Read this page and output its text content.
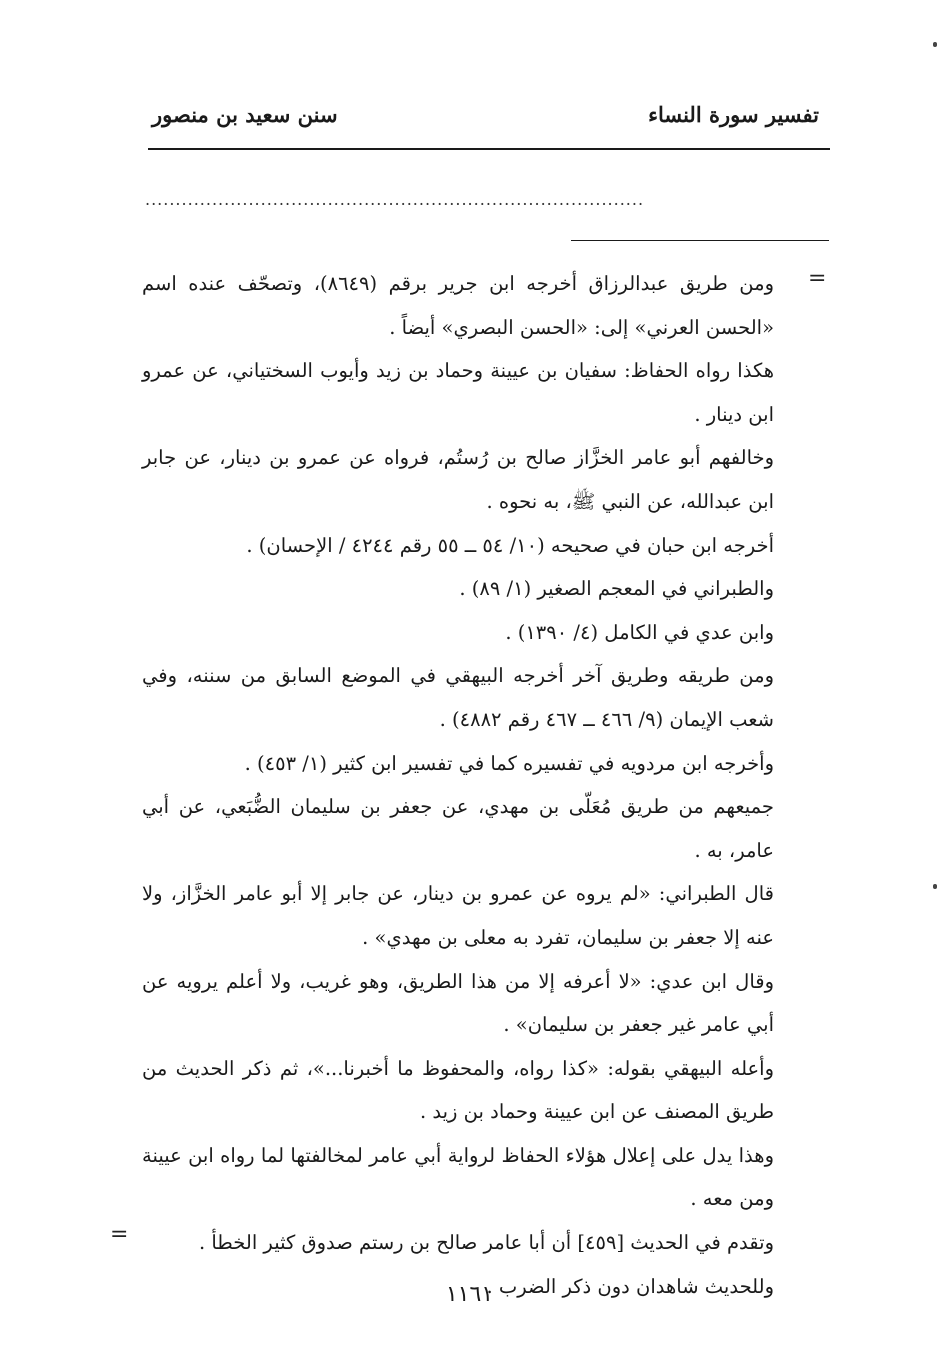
تفسير سورة النساء
سنن سعيد بن منصور
..................................................................................
=

ومن طريق عبدالرزاق أخرجه ابن جرير برقم (٨٦٤٩)، وتصحّف عنده اسم «الحسن العرني» إلى: «الحسن البصري» أيضاً .

هكذا رواه الحفاظ: سفيان بن عيينة وحماد بن زيد وأيوب السختياني، عن عمرو ابن دينار .

وخالفهم أبو عامر الخزَّاز صالح بن رُستُم، فرواه عن عمرو بن دينار، عن جابر ابن عبدالله، عن النبي ﷺ، به نحوه .

أخرجه ابن حبان في صحيحه (١٠/ ٥٤ ــ ٥٥ رقم ٤٢٤٤ / الإحسان) .

والطبراني في المعجم الصغير (١/ ٨٩) .

وابن عدي في الكامل (٤/ ١٣٩٠) .

ومن طريقه وطريق آخر أخرجه البيهقي في الموضع السابق من سننه، وفي شعب الإيمان (٩/ ٤٦٦ ــ ٤٦٧ رقم ٤٨٨٢) .

وأخرجه ابن مردويه في تفسيره كما في تفسير ابن كثير (١/ ٤٥٣) .

جميعهم من طريق مُعَلّى بن مهدي، عن جعفر بن سليمان الضُّبَعي، عن أبي عامر، به .

قال الطبراني: «لم يروه عن عمرو بن دينار، عن جابر إلا أبو عامر الخزَّاز، ولا عنه إلا جعفر بن سليمان، تفرد به معلى بن مهدي» .

وقال ابن عدي: «لا أعرفه إلا من هذا الطريق، وهو غريب، ولا أعلم يرويه عن أبي عامر غير جعفر بن سليمان» .

وأعله البيهقي بقوله: «كذا رواه، والمحفوظ ما أخبرنا...»، ثم ذكر الحديث من طريق المصنف عن ابن عيينة وحماد بن زيد .

وهذا يدل على إعلال هؤلاء الحفاظ لرواية أبي عامر لمخالفتها لما رواه ابن عيينة ومن معه .

وتقدم في الحديث [٤٥٩] أن أبا عامر صالح بن رستم صدوق كثير الخطأ .

وللحديث شاهدان دون ذكر الضرب .

=
١١٦١
